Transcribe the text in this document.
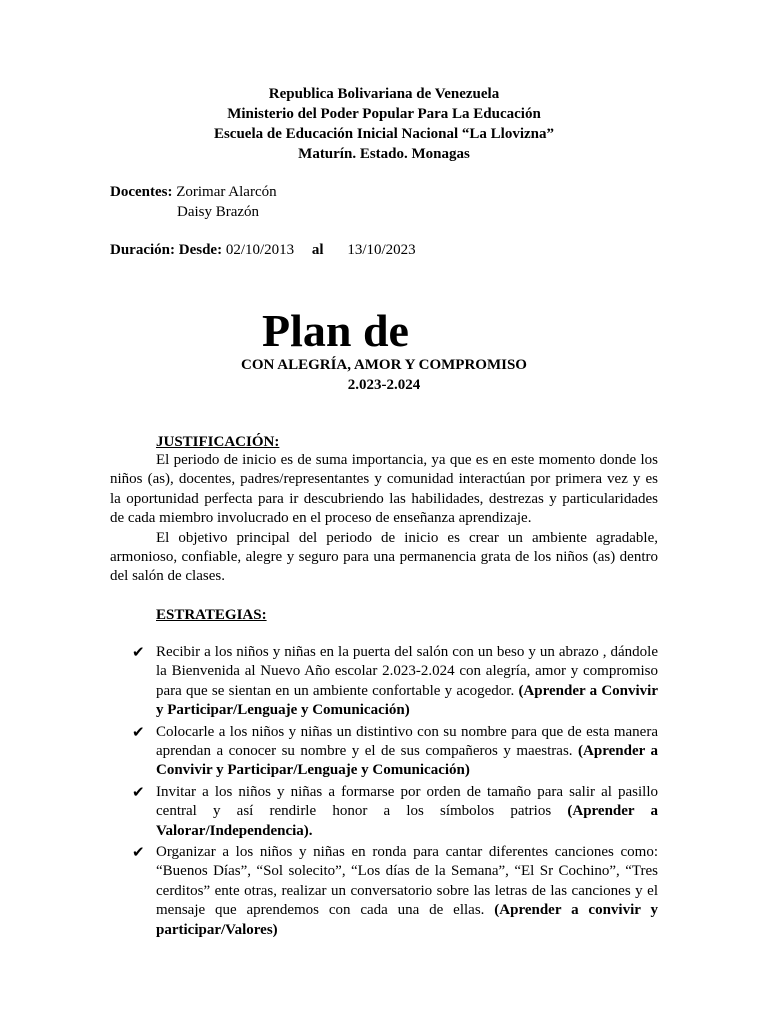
Republica Bolivariana de Venezuela
Ministerio del Poder Popular Para La Educación
Escuela de Educación Inicial Nacional “La Llovizna”
Maturín. Estado. Monagas
Docentes: Zorimar Alarcón
Daisy Brazón
Duración: Desde: 02/10/2013 al 13/10/2023
Plan de
CON ALEGRÍA, AMOR Y COMPROMISO
2.023-2.024
JUSTIFICACIÓN:

El periodo de inicio es de suma importancia, ya que es en este momento donde los niños (as), docentes, padres/representantes y comunidad interactúan por primera vez y es la oportunidad perfecta para ir descubriendo las habilidades, destrezas y particularidades de cada miembro involucrado en el proceso de enseñanza aprendizaje.

El objetivo principal del periodo de inicio es crear un ambiente agradable, armonioso, confiable, alegre y seguro para una permanencia grata de los niños (as) dentro del salón de clases.

ESTRATEGIAS:
✔ Recibir a los niños y niñas en la puerta del salón con un beso y un abrazo , dándole la Bienvenida al Nuevo Año escolar 2.023-2.024 con alegría, amor y compromiso para que se sientan en un ambiente confortable y acogedor. (Aprender a Convivir y Participar/Lenguaje y Comunicación)
✔ Colocarle a los niños y niñas un distintivo con su nombre para que de esta manera aprendan a conocer su nombre y el de sus compañeros y maestras. (Aprender a Convivir y Participar/Lenguaje y Comunicación)
✔ Invitar a los niños y niñas a formarse por orden de tamaño para salir al pasillo central y así rendirle honor a los símbolos patrios (Aprender a Valorar/Independencia).
✔ Organizar a los niños y niñas en ronda para cantar diferentes canciones como: “Buenos Días”, “Sol solecito”, “Los días de la Semana”, “El Sr Cochino”, “Tres cerditos” ente otras, realizar un conversatorio sobre las letras de las canciones y el mensaje que aprendemos con cada una de ellas. (Aprender a convivir y participar/Valores)
